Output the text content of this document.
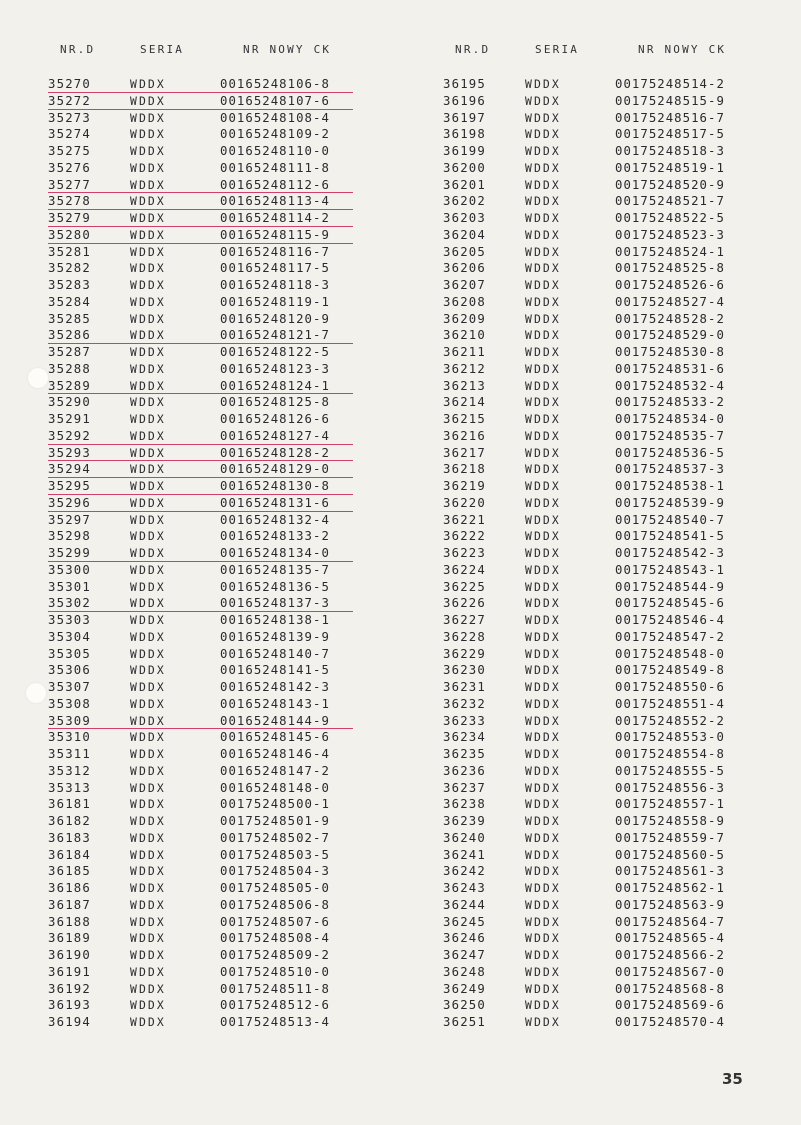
NR.D	SERIA	NR NOWY CK
35270	WDDX	00165248106-8
35272	WDDX	00165248107-6
35273	WDDX	00165248108-4
35274	WDDX	00165248109-2
35275	WDDX	00165248110-0
35276	WDDX	00165248111-8
35277	WDDX	00165248112-6
35278	WDDX	00165248113-4
35279	WDDX	00165248114-2
35280	WDDX	00165248115-9
35281	WDDX	00165248116-7
35282	WDDX	00165248117-5
35283	WDDX	00165248118-3
35284	WDDX	00165248119-1
35285	WDDX	00165248120-9
35286	WDDX	00165248121-7
35287	WDDX	00165248122-5
35288	WDDX	00165248123-3
35289	WDDX	00165248124-1
35290	WDDX	00165248125-8
35291	WDDX	00165248126-6
35292	WDDX	00165248127-4
35293	WDDX	00165248128-2
35294	WDDX	00165248129-0
35295	WDDX	00165248130-8
35296	WDDX	00165248131-6
35297	WDDX	00165248132-4
35298	WDDX	00165248133-2
35299	WDDX	00165248134-0
35300	WDDX	00165248135-7
35301	WDDX	00165248136-5
35302	WDDX	00165248137-3
35303	WDDX	00165248138-1
35304	WDDX	00165248139-9
35305	WDDX	00165248140-7
35306	WDDX	00165248141-5
35307	WDDX	00165248142-3
35308	WDDX	00165248143-1
35309	WDDX	00165248144-9
35310	WDDX	00165248145-6
35311	WDDX	00165248146-4
35312	WDDX	00165248147-2
35313	WDDX	00165248148-0
36181	WDDX	00175248500-1
36182	WDDX	00175248501-9
36183	WDDX	00175248502-7
36184	WDDX	00175248503-5
36185	WDDX	00175248504-3
36186	WDDX	00175248505-0
36187	WDDX	00175248506-8
36188	WDDX	00175248507-6
36189	WDDX	00175248508-4
36190	WDDX	00175248509-2
36191	WDDX	00175248510-0
36192	WDDX	00175248511-8
36193	WDDX	00175248512-6
36194	WDDX	00175248513-4
NR.D	SERIA	NR NOWY CK
36195	WDDX	00175248514-2
36196	WDDX	00175248515-9
36197	WDDX	00175248516-7
36198	WDDX	00175248517-5
36199	WDDX	00175248518-3
36200	WDDX	00175248519-1
36201	WDDX	00175248520-9
36202	WDDX	00175248521-7
36203	WDDX	00175248522-5
36204	WDDX	00175248523-3
36205	WDDX	00175248524-1
36206	WDDX	00175248525-8
36207	WDDX	00175248526-6
36208	WDDX	00175248527-4
36209	WDDX	00175248528-2
36210	WDDX	00175248529-0
36211	WDDX	00175248530-8
36212	WDDX	00175248531-6
36213	WDDX	00175248532-4
36214	WDDX	00175248533-2
36215	WDDX	00175248534-0
36216	WDDX	00175248535-7
36217	WDDX	00175248536-5
36218	WDDX	00175248537-3
36219	WDDX	00175248538-1
36220	WDDX	00175248539-9
36221	WDDX	00175248540-7
36222	WDDX	00175248541-5
36223	WDDX	00175248542-3
36224	WDDX	00175248543-1
36225	WDDX	00175248544-9
36226	WDDX	00175248545-6
36227	WDDX	00175248546-4
36228	WDDX	00175248547-2
36229	WDDX	00175248548-0
36230	WDDX	00175248549-8
36231	WDDX	00175248550-6
36232	WDDX	00175248551-4
36233	WDDX	00175248552-2
36234	WDDX	00175248553-0
36235	WDDX	00175248554-8
36236	WDDX	00175248555-5
36237	WDDX	00175248556-3
36238	WDDX	00175248557-1
36239	WDDX	00175248558-9
36240	WDDX	00175248559-7
36241	WDDX	00175248560-5
36242	WDDX	00175248561-3
36243	WDDX	00175248562-1
36244	WDDX	00175248563-9
36245	WDDX	00175248564-7
36246	WDDX	00175248565-4
36247	WDDX	00175248566-2
36248	WDDX	00175248567-0
36249	WDDX	00175248568-8
36250	WDDX	00175248569-6
36251	WDDX	00175248570-4
35
